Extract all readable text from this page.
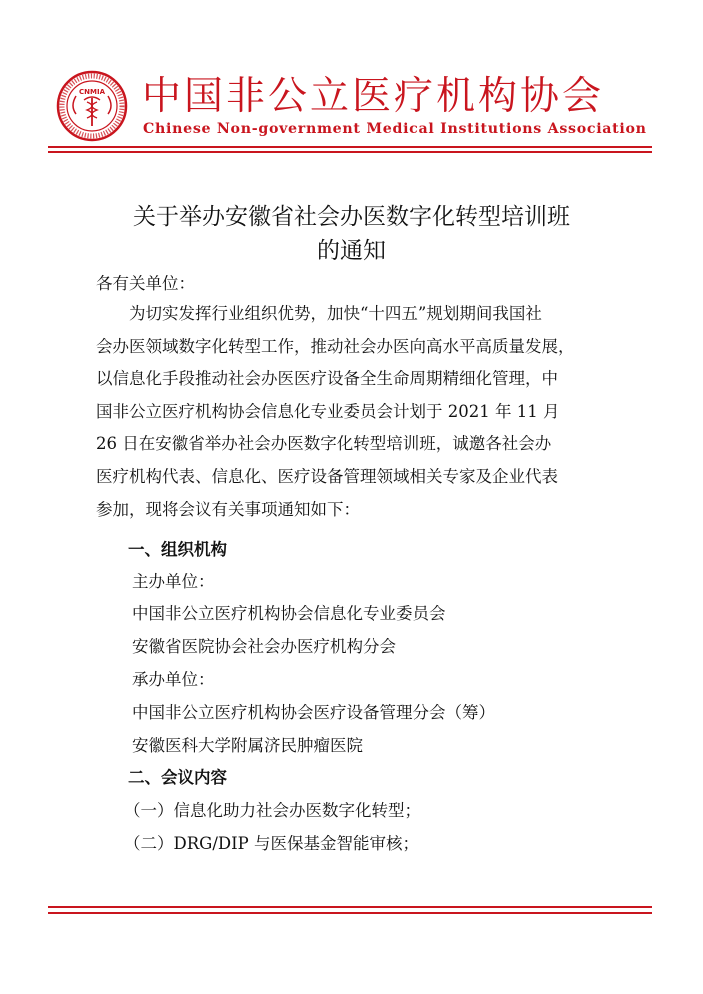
CNMIA 中国非公立医疗机构协会
Chinese Non-government Medical Institutions Association
关于举办安徽省社会办医数字化转型培训班
的通知
各有关单位：
为切实发挥行业组织优势，加快“十四五”规划期间我国社
会办医领域数字化转型工作，推动社会办医向高水平高质量发展，
以信息化手段推动社会办医医疗设备全生命周期精细化管理，中
国非公立医疗机构协会信息化专业委员会计划于 2021 年 11 月
26 日在安徽省举办社会办医数字化转型培训班，诚邀各社会办
医疗机构代表、信息化、医疗设备管理领域相关专家及企业代表
参加，现将会议有关事项通知如下：
一、组织机构
主办单位：
中国非公立医疗机构协会信息化专业委员会
安徽省医院协会社会办医疗机构分会
承办单位：
中国非公立医疗机构协会医疗设备管理分会（筹）
安徽医科大学附属济民肿瘤医院
二、会议内容
（一）信息化助力社会办医数字化转型；
（二）DRG/DIP 与医保基金智能审核；
